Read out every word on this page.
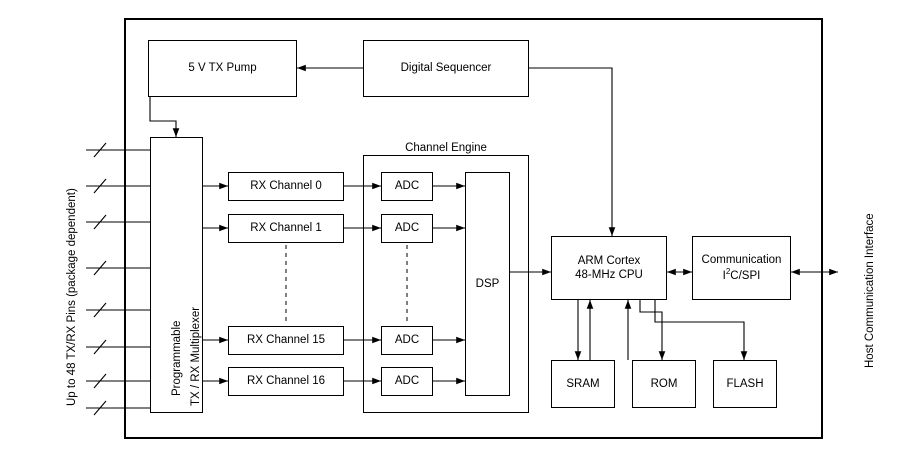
Channel Engine
5 V TX Pump	Digital Sequencer
Programmable TX / RX Multiplexer
RX Channel 0
RX Channel 1
RX Channel 15
RX Channel 16
ADC
ADC
ADC
ADC
DSP
ARM Cortex
48-MHz CPU
Communication
$I^2C$/SPI
SRAM	ROM	FLASH
Up to 48 TX/RX Pins (package dependent)	Host Communication Interface
